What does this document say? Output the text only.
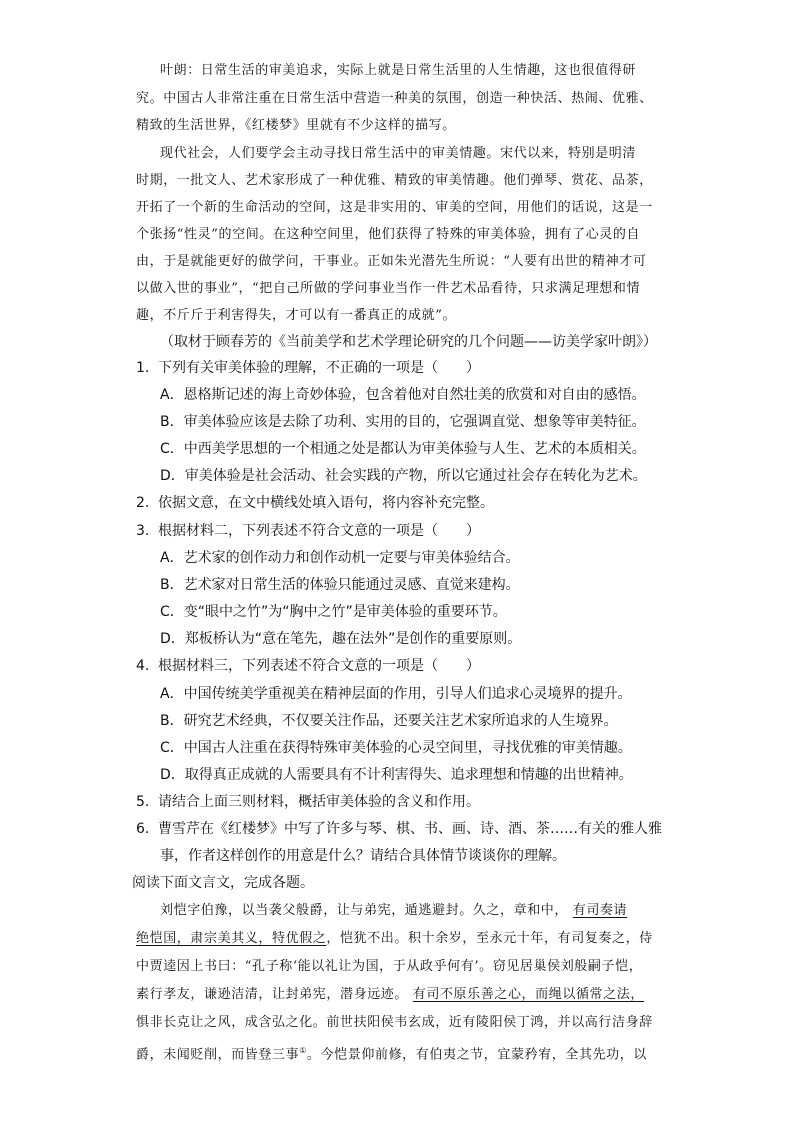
叶朗：日常生活的审美追求，实际上就是日常生活里的人生情趣，这也很值得研
究。中国古人非常注重在日常生活中营造一种美的氛围，创造一种快活、热闹、优雅、
精致的生活世界，《红楼梦》里就有不少这样的描写。
现代社会，人们要学会主动寻找日常生活中的审美情趣。宋代以来，特别是明清
时期，一批文人、艺术家形成了一种优雅、精致的审美情趣。他们弹琴、赏花、品茶，
开拓了一个新的生命活动的空间，这是非实用的、审美的空间，用他们的话说，这是一
个张扬“性灵”的空间。在这种空间里，他们获得了特殊的审美体验，拥有了心灵的自
由，于是就能更好的做学问，干事业。正如朱光潜先生所说：“人要有出世的精神才可
以做入世的事业”，“把自己所做的学问事业当作一件艺术品看待，只求满足理想和情
趣，不斤斤于利害得失，才可以有一番真正的成就”。
（取材于顾春芳的《当前美学和艺术学理论研究的几个问题——访美学家叶朗》）
1. 下列有关审美体验的理解，不正确的一项是（　　）
A．恩格斯记述的海上奇妙体验，包含着他对自然壮美的欣赏和对自由的感悟。
B．审美体验应该是去除了功利、实用的目的，它强调直觉、想象等审美特征。
C．中西美学思想的一个相通之处是都认为审美体验与人生、艺术的本质相关。
D．审美体验是社会活动、社会实践的产物，所以它通过社会存在转化为艺术。
2. 依据文意，在文中横线处填入语句，将内容补充完整。
3. 根据材料二，下列表述不符合文意的一项是（　　）
A．艺术家的创作动力和创作动机一定要与审美体验结合。
B．艺术家对日常生活的体验只能通过灵感、直觉来建构。
C．变“眼中之竹”为“胸中之竹”是审美体验的重要环节。
D．郑板桥认为“意在笔先，趣在法外”是创作的重要原则。
4. 根据材料三，下列表述不符合文意的一项是（　　）
A．中国传统美学重视美在精神层面的作用，引导人们追求心灵境界的提升。
B．研究艺术经典，不仅要关注作品，还要关注艺术家所追求的人生境界。
C．中国古人注重在获得特殊审美体验的心灵空间里，寻找优雅的审美情趣。
D．取得真正成就的人需要具有不计利害得失、追求理想和情趣的出世精神。
5. 请结合上面三则材料，概括审美体验的含义和作用。
6. 曹雪芹在《红楼梦》中写了许多与琴、棋、书、画、诗、酒、茶……有关的雅人雅
事，作者这样创作的用意是什么？请结合具体情节谈谈你的理解。
阅读下面文言文，完成各题。
刘恺字伯豫，以当袭父般爵，让与弟宪，遁逃避封。久之，章和中， 有司奏请
绝恺国，肃宗美其义，特优假之，恺犹不出。积十余岁，至永元十年，有司复奏之，侍
中贾逵因上书曰：“孔子称‘能以礼让为国，于从政乎何有’。窃见居巢侯刘般嗣子恺，
素行孝友，谦逊洁清，让封弟宪，潜身远迹。 有司不原乐善之心，而绳以循常之法，
惧非长克让之风，成含弘之化。前世扶阳侯韦玄成，近有陵阳侯丁鸿，并以高行洁身辞
爵，未闻贬削，而皆登三事①。今恺景仰前修，有伯夷之节，宜蒙矜宥，全其先功，以
